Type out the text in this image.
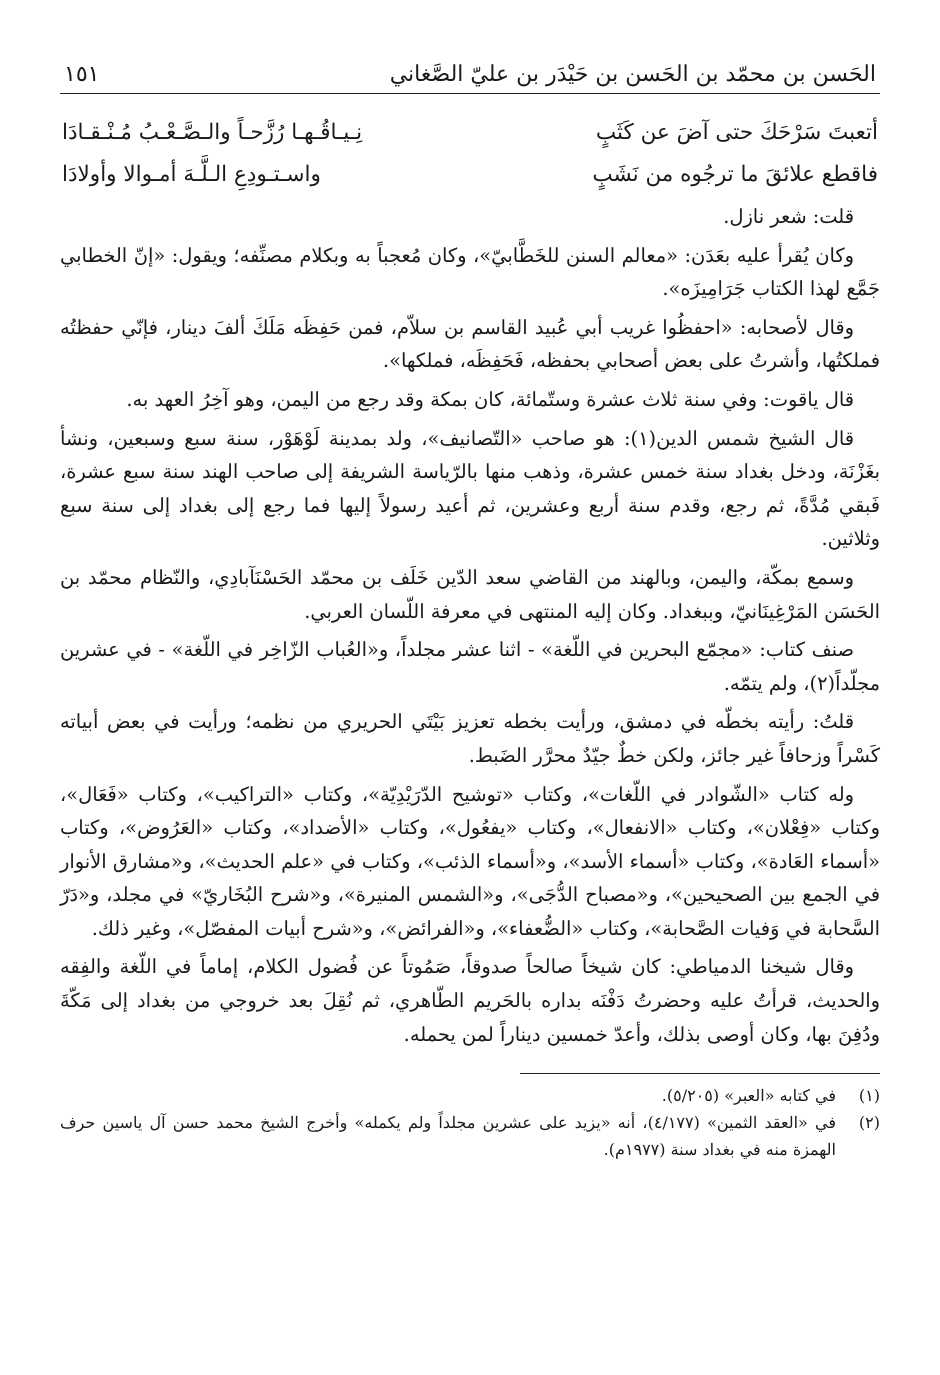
الحَسن بن محمّد بن الحَسن بن حَيْدَر بن عليّ الصَّغاني
١٥١
أتعبتَ سَرْحَكَ حتى آضَ عن كَثَبٍ
نِـيـاقُـهـا رُزَّحـاً والـصَّـعْـبُ مُـنْـقـادَا
فاقطع علائقَ ما ترجُوه من نَشَبٍ
واسـتـودِعِ الـلَّـهَ أمـوالا وأولادَا

قلت: شعر نازل.

وكان يُقرأ عليه بعَدَن: «معالم السنن للخَطَّابيّ»، وكان مُعجباً به وبكلام مصنِّفه؛ ويقول: «إنّ الخطابي جَمَّع لهذا الكتاب جَرَامِيزَه».

وقال لأصحابه: «احفظُوا غريب أبي عُبيد القاسم بن سلاّم، فمن حَفِظَه مَلَكَ ألفَ دينار، فإنّي حفظتُه فملكتُها، وأشرتُ على بعض أصحابي بحفظه، فَحَفِظَه، فملكها».

قال ياقوت: وفي سنة ثلاث عشرة وستّمائة، كان بمكة وقد رجع من اليمن، وهو آخِرُ العهد به.

قال الشيخ شمس الدين(١): هو صاحب «التّصانيف»، ولد بمدينة لَوْهَوْر، سنة سبع وسبعين، ونشأ بغَزْنَة، ودخل بغداد سنة خمس عشرة، وذهب منها بالرّياسة الشريفة إلى صاحب الهند سنة سبع عشرة، فَبقي مُدَّةً، ثم رجع، وقدم سنة أربع وعشرين، ثم أعيد رسولاً إليها فما رجع إلى بغداد إلى سنة سبع وثلاثين.

وسمع بمكّة، واليمن، وبالهند من القاضي سعد الدّين خَلَف بن محمّد الحَسْنَآبادِي، والنّظام محمّد بن الحَسَن المَرْغِينَانيّ، وببغداد. وكان إليه المنتهى في معرفة اللّسان العربي.

صنف كتاب: «مجمّع البحرين في اللّغة» - اثنا عشر مجلداً، و«العُباب الزّاخِر في اللّغة» - في عشرين مجلّداً(٢)، ولم يتمّه.

قلتُ: رأيته بخطّه في دمشق، ورأيت بخطه تعزيز بَيْتَي الحريري من نظمه؛ ورأيت في بعض أبياته كَسْراً وزحافاً غير جائز، ولكن خطٌ جيّدٌ محرَّر الضَبط.

وله كتاب «الشّوادر في اللّغات»، وكتاب «توشيح الدّرَيْدِيّة»، وكتاب «التراكيب»، وكتاب «فَعَال»، وكتاب «فِعْلان»، وكتاب «الانفعال»، وكتاب «يفعُول»، وكتاب «الأضداد»، وكتاب «العَرُوض»، وكتاب «أسماء العَادة»، وكتاب «أسماء الأسد»، و«أسماء الذئب»، وكتاب في «علم الحديث»، و«مشارق الأنوار في الجمع بين الصحيحين»، و«مصباح الدُّجَى»، و«الشمس المنيرة»، و«شرح البُخَاريّ» في مجلد، و«دَرّ السَّحابة في وَفيات الصَّحابة»، وكتاب «الضُّعفاء»، و«الفرائض»، و«شرح أبيات المفصّل»، وغير ذلك.

وقال شيخنا الدمياطي: كان شيخاً صالحاً صدوقاً، صَمُوتاً عن فُضول الكلام، إماماً في اللّغة والفِقه والحديث، قرأتُ عليه وحضرتُ دَفْنَه بداره بالحَريم الطّاهري، ثم نُقِلَ بعد خروجي من بغداد إلى مَكّةَ ودُفِنَ بها، وكان أوصى بذلك، وأعدّ خمسين ديناراً لمن يحمله.

(١)
في كتابه «العبر» (٥/٢٠٥).
(٢)
في «العقد الثمين» (٤/١٧٧)، أنه «يزيد على عشرين مجلداً ولم يكمله» وأخرج الشيخ محمد حسن آل ياسين حرف الهمزة منه في بغداد سنة (١٩٧٧م).
